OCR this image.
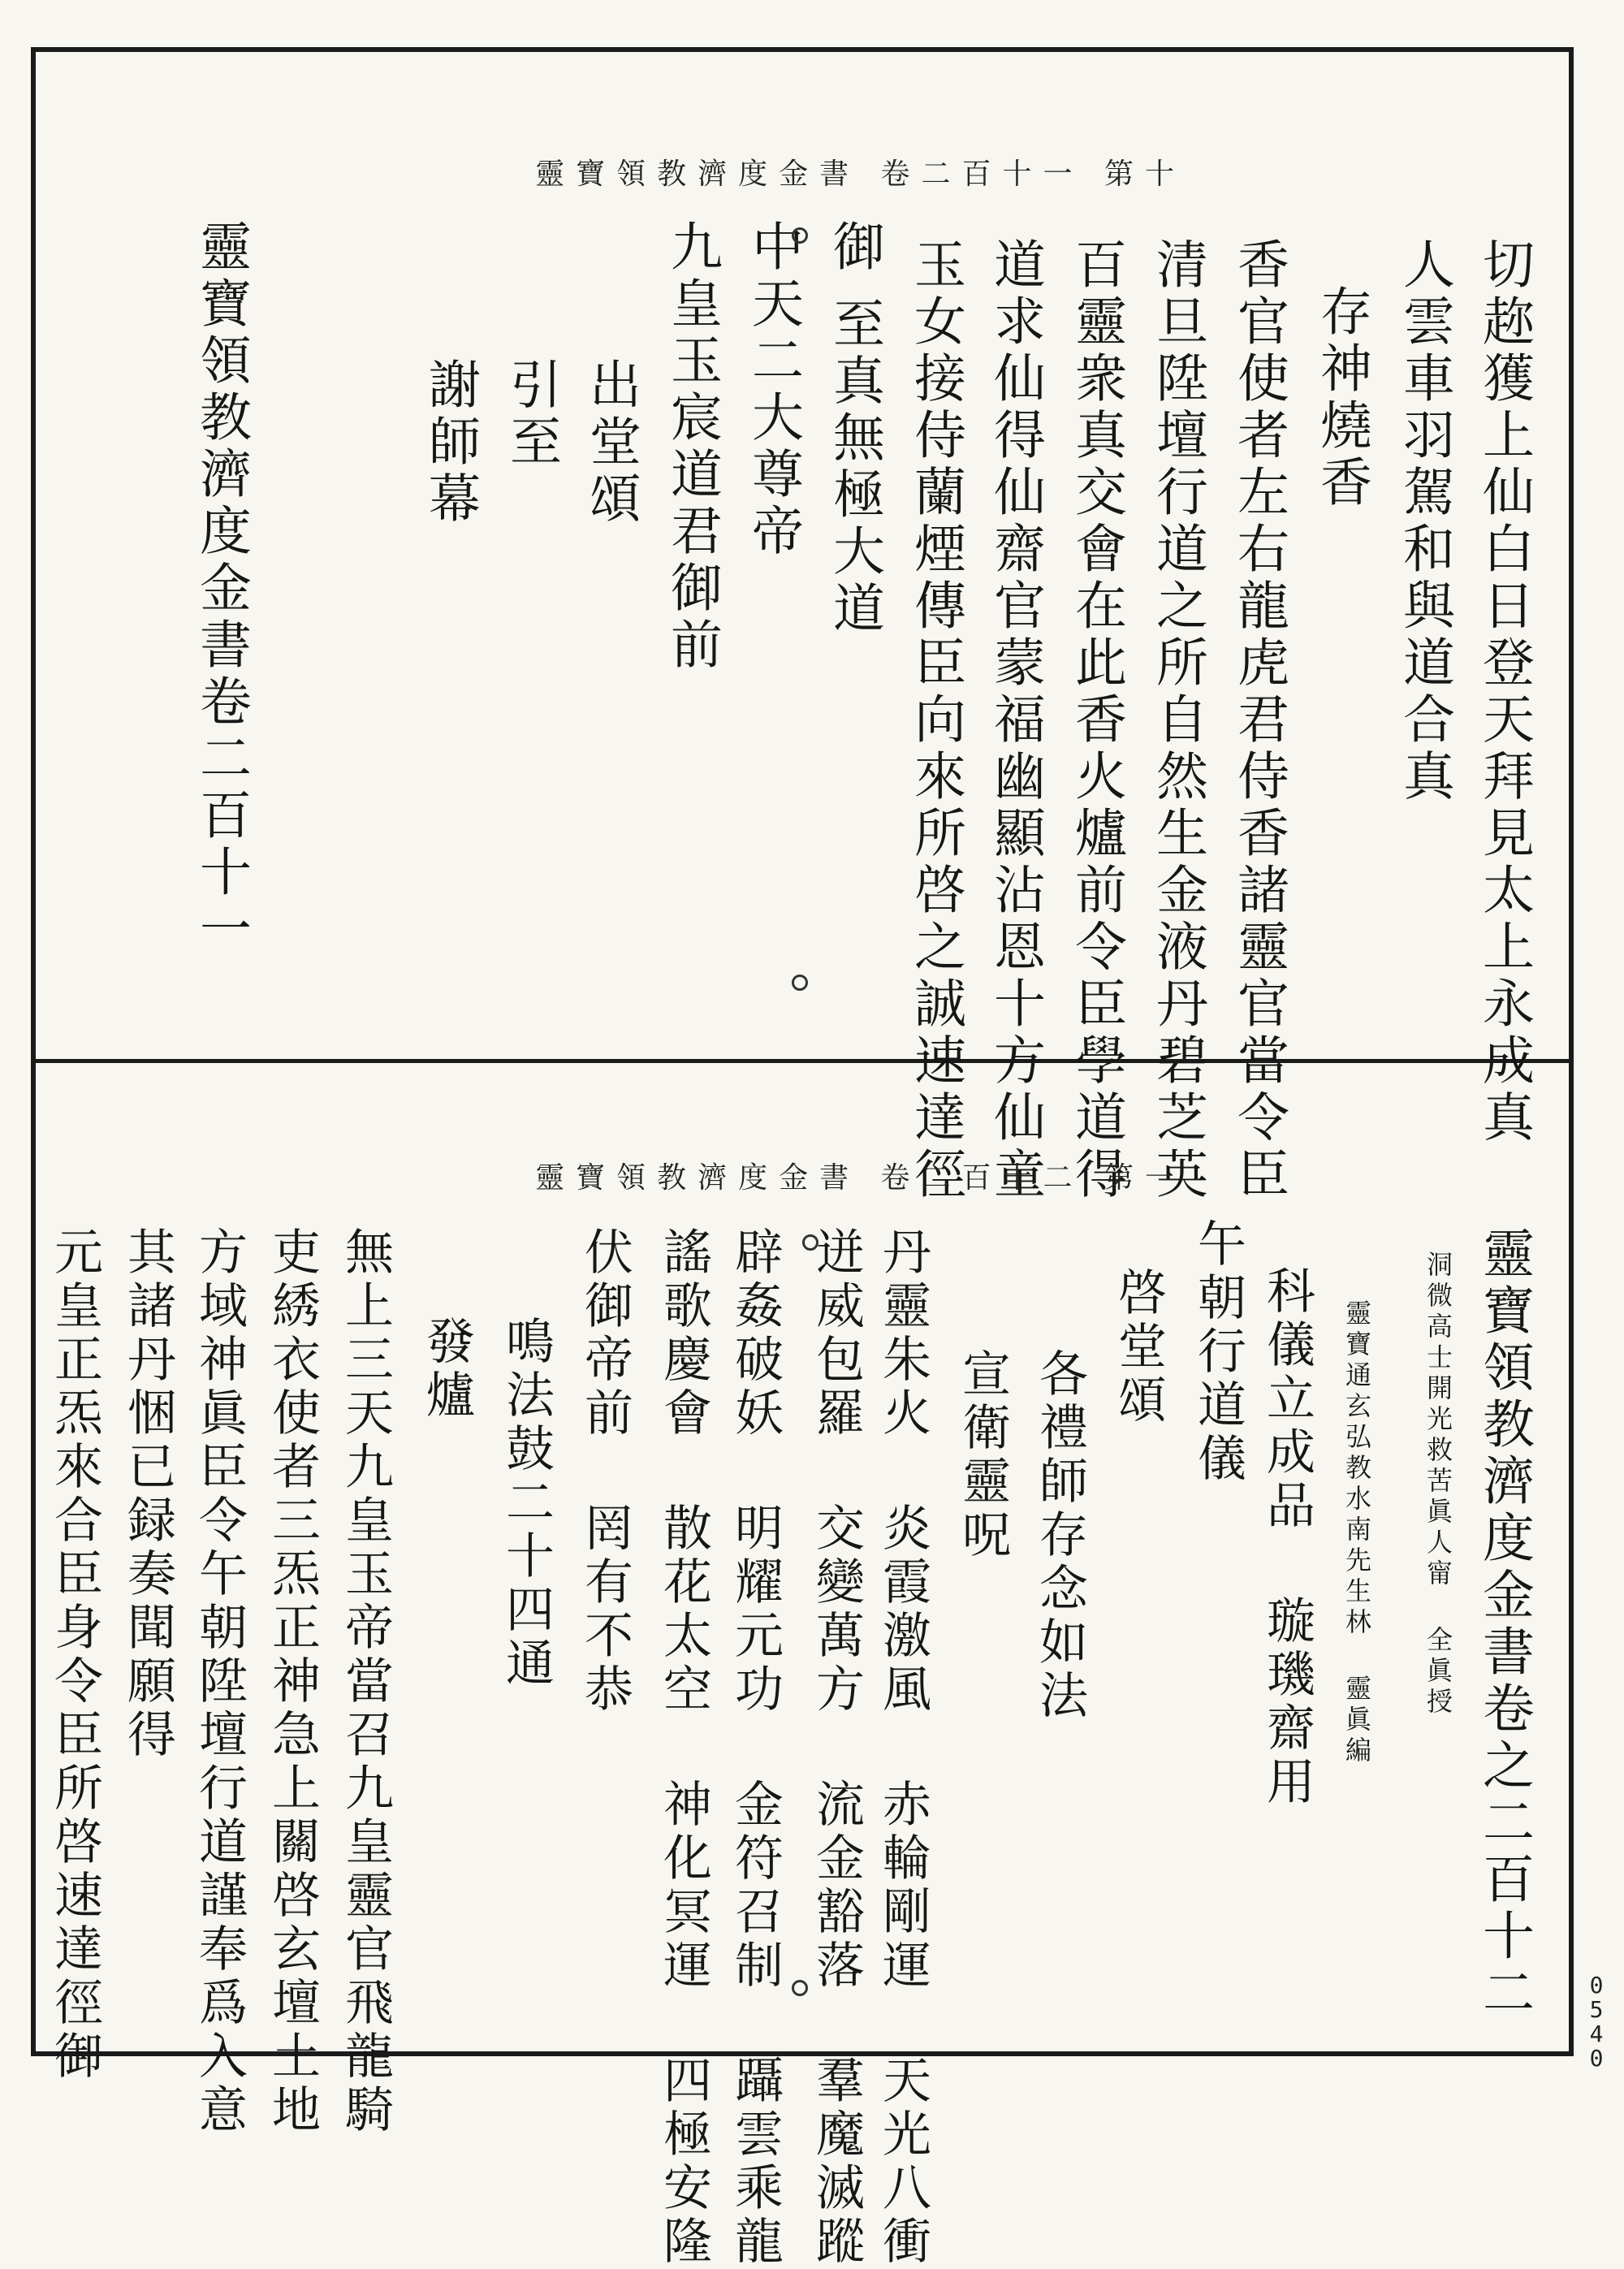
靈寶領教濟度金書 卷二百十一 第十
切趂獲上仙白日登天拜見太上永成真
人雲車羽駕和與道合真
存神燒香
香官使者左右龍虎君侍香諸靈官當令臣
清旦陞壇行道之所自然生金液丹碧芝英
百靈衆真交會在此香火爐前令臣學道得
道求仙得仙齋官蒙福幽顯沾恩十方仙童
玉女接侍蘭煙傳臣向來所啓之誠速達徑
御
至真無極大道
中天二大尊帝
九皇玉宸道君御前
出堂頌
引至
謝師幕
靈寶領教濟度金書卷二百十一
靈寶領教濟度金書 卷二百十二 第一
靈寶領教濟度金書卷之二百十二
洞微高士開光救苦眞人甯 全眞授
靈寶通玄弘教水南先生林 靈眞編
科儀立成品 璇璣齋用
午朝行道儀
啓堂頌
各禮師存念如法
宣衛靈呪
丹靈朱火 炎霞激風 赤輪剛運 天光八衝
迸威包羅 交變萬方 流金豁落 羣魔滅蹤
辟姦破妖 明耀元功 金符召制 躡雲乘龍
謠歌慶會 散花太空 神化冥運 四極安隆
伏御帝前 罔有不恭
鳴法鼓二十四通
發爐
無上三天九皇玉帝當召九皇靈官飛龍騎
吏綉衣使者三炁正神急上關啓玄壇土地
方域神眞臣令午朝陞壇行道謹奉爲入意
其諸丹悃已録奏聞願得
元皇正炁來合臣身令臣所啓速達徑御	0540
